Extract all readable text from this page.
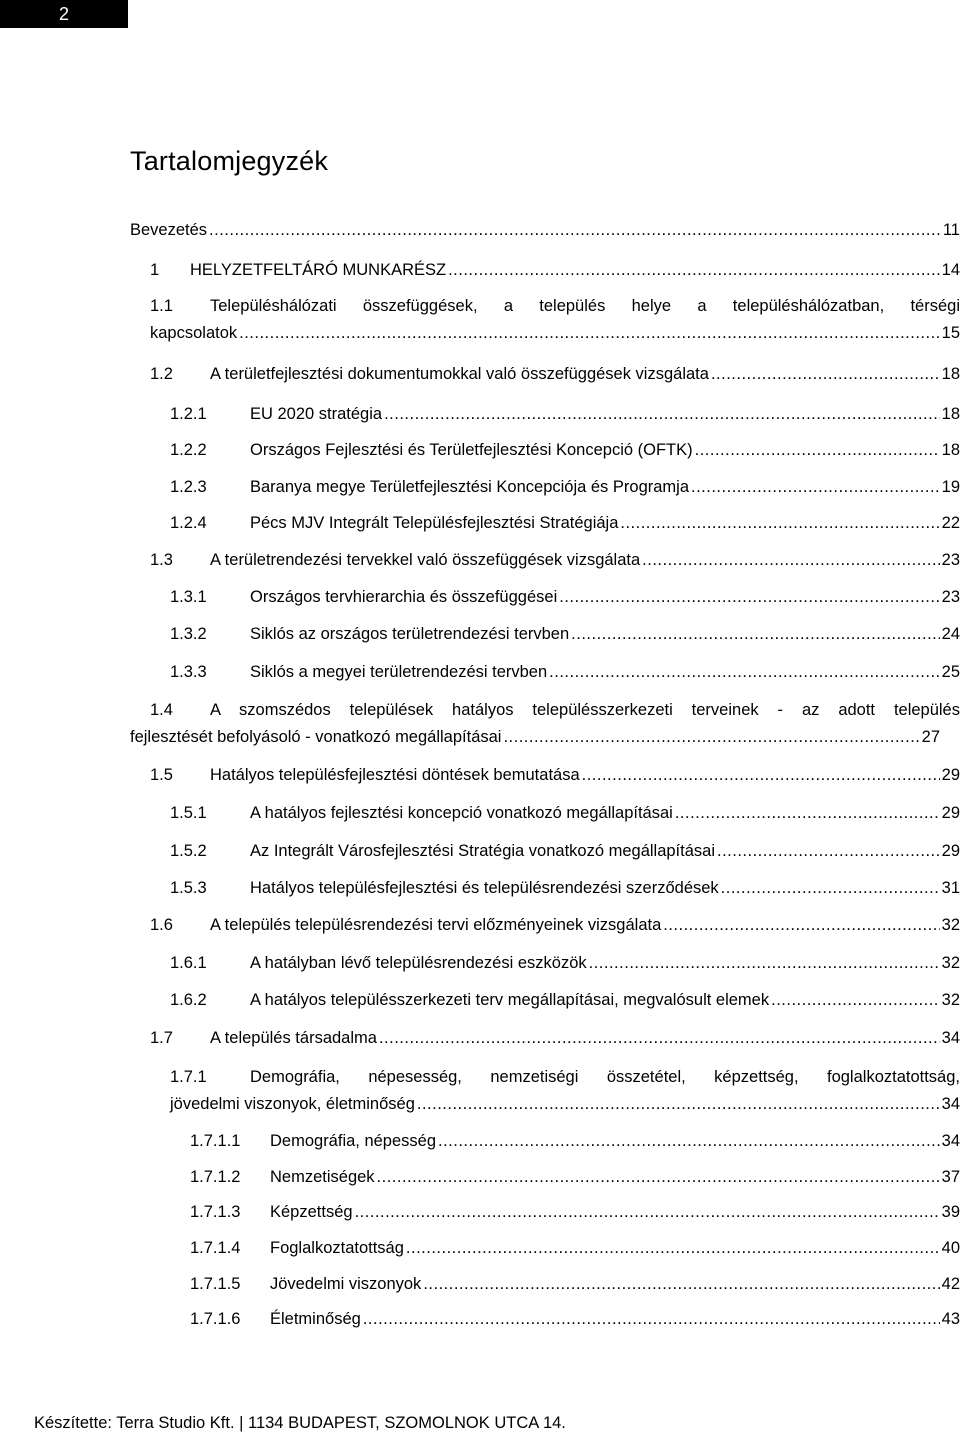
2
Tartalomjegyzék
Bevezetés .....	11
1	HELYZETFELTÁRÓ MUNKARÉSZ .....	14
1.1	Településhálózati összefüggések, a település helye a településhálózatban, térségi
kapcsolatok .....	15
1.2	A területfejlesztési dokumentumokkal való összefüggések vizsgálata .....	18
1.2.1	EU 2020 stratégia .....	18
1.2.2	Országos Fejlesztési és Területfejlesztési Koncepció (OFTK) .....	18
1.2.3	Baranya megye Területfejlesztési Koncepciója és Programja .....	19
1.2.4	Pécs MJV Integrált Településfejlesztési Stratégiája .....	22
1.3	A területrendezési tervekkel való összefüggések vizsgálata .....	23
1.3.1	Országos tervhierarchia és összefüggései .....	23
1.3.2	Siklós az országos területrendezési tervben .....	24
1.3.3	Siklós a megyei területrendezési tervben .....	25
1.4	A szomszédos települések hatályos településszerkezeti terveinek - az adott település
fejlesztését befolyásoló - vonatkozó megállapításai .....	27
1.5	Hatályos településfejlesztési döntések bemutatása .....	29
1.5.1	A hatályos fejlesztési koncepció vonatkozó megállapításai .....	29
1.5.2	Az Integrált Városfejlesztési Stratégia vonatkozó megállapításai .....	29
1.5.3	Hatályos településfejlesztési és településrendezési szerződések .....	31
1.6	A település településrendezési tervi előzményeinek vizsgálata .....	32
1.6.1	A hatályban lévő településrendezési eszközök .....	32
1.6.2	A hatályos településszerkezeti terv megállapításai, megvalósult elemek .....	32
1.7	A település társadalma .....	34
1.7.1	Demográfia, népesesség, nemzetiségi összetétel, képzettség, foglalkoztatottság,
jövedelmi viszonyok, életminőség .....	34
1.7.1.1	Demográfia, népesség .....	34
1.7.1.2	Nemzetiségek .....	37
1.7.1.3	Képzettség .....	39
1.7.1.4	Foglalkoztatottság .....	40
1.7.1.5	Jövedelmi viszonyok .....	42
1.7.1.6	Életminőség .....	43
Készítette: Terra Studio Kft. | 1134 BUDAPEST, SZOMOLNOK UTCA 14.
